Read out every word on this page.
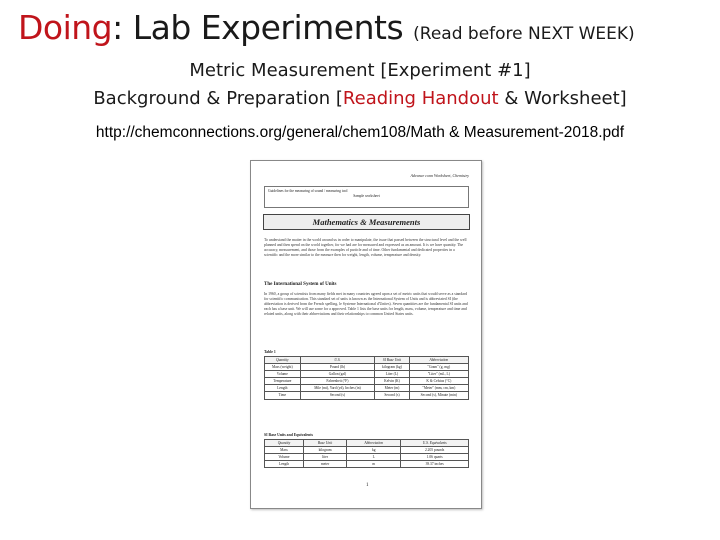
Doing: Lab Experiments (Read before NEXT WEEK)
Metric Measurement [Experiment #1]
Background & Preparation [Reading Handout & Worksheet]
http://chemconnections.org/general/chem108/Math & Measurement-2018.pdf
Advance conn Worksheet, Chemistry
Guidelines for the measuring of sound / measuring tool
Sample worksheet
Mathematics & Measurements
To understand the matter in the world around us in order to manipulate, the issue that passed between the structural level and the well planned and then spend on the world together, for we had are for measured and expressed as an amount. It is we have quantity. The accuracy, measurement, and those from the examples of particle and of time. Other fundamental and dedicated properties in a scientific and the more similar to the measure then for weight, length, volume, temperature and density.
The International System of Units
In 1960, a group of scientists from many fields met in many countries agreed upon a set of metric units that would serve as a standard for scientific communication. This standard set of units is known as the International System of Units and is abbreviated SI (the abbreviation is derived from the French spelling, le Systeme International d'Unites). Seven quantities are the fundamental SI units and each has a base unit. We will use some for a approved. Table 1 lists the base units for length, mass, volume, temperature and time and related units, along with their abbreviations and their relationships to common United States units.
Table 1
Quantity	U.S.	SI Base Unit	Abbreviation
Mass (weight)	Pound (lb)	kilogram (kg)	"Gram" (g, mg)
Volume	Gallon (gal)	Liter (L)	"Liter" (mL, L)
Temperature	Fahrenheit (°F)	Kelvin (K)	K & Celsius (°C)
Length	Mile (mi), Yard (yd), Inches (in)	Meter (m)	"Meter" (mm, cm, km)
Time	Second (s)	Second (s)	Second (s), Minute (min)
SI Base Units and Equivalents
Quantity	Base Unit	Abbreviation	U.S. Equivalents
Mass	kilogram	kg	2.205 pounds
Volume	liter	L	1.06 quarts
Length	meter	m	39.37 inches
1
